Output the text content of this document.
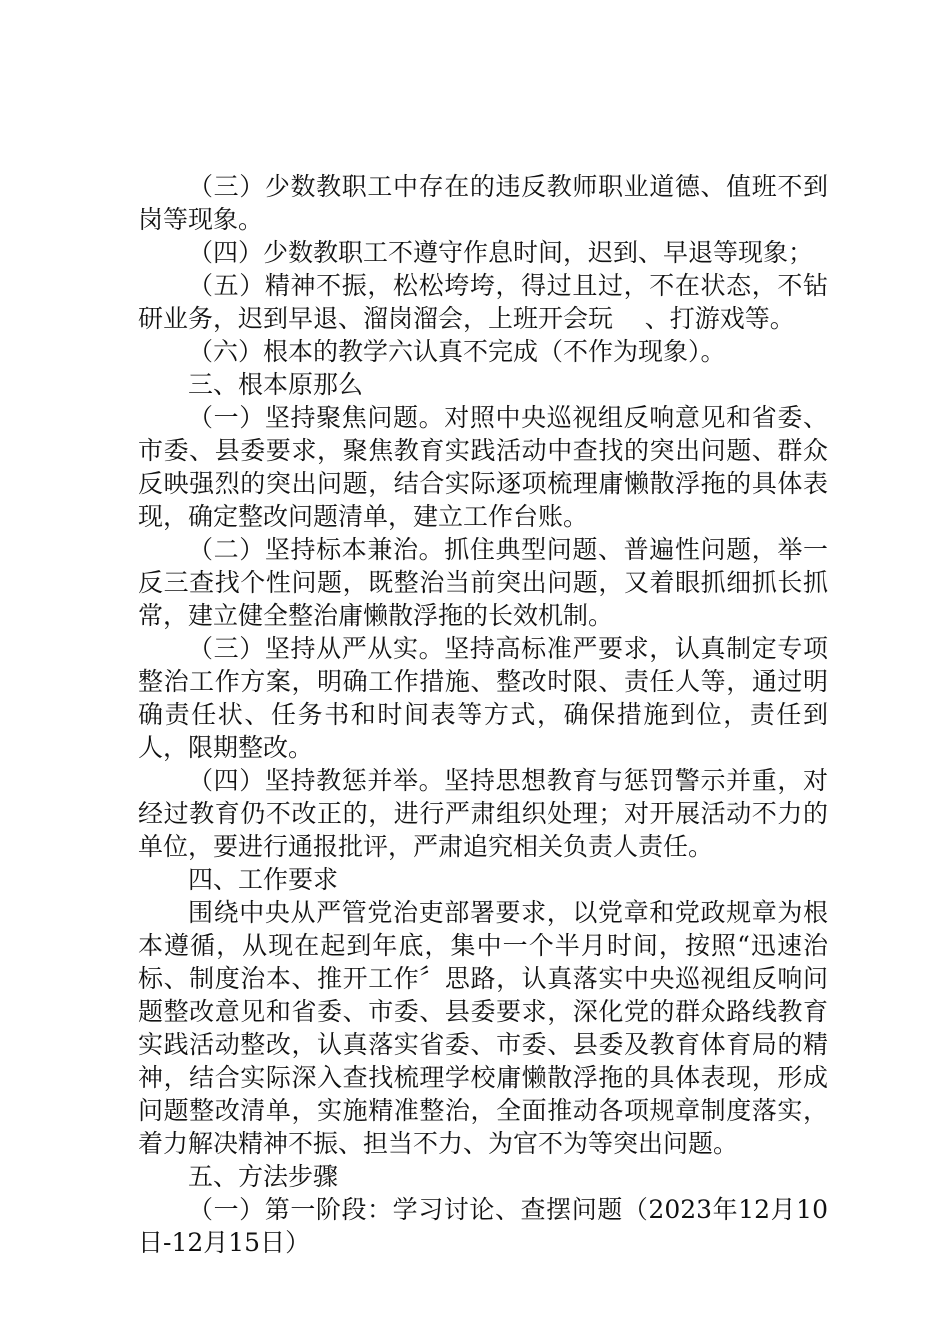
（三）少数教职工中存在的违反教师职业道德、值班不到岗等现象。

（四）少数教职工不遵守作息时间，迟到、早退等现象；

（五）精神不振，松松垮垮，得过且过，不在状态，不钻研业务，迟到早退、溜岗溜会，上班开会玩    、打游戏等。

（六）根本的教学六认真不完成（不作为现象）。

三、根本原那么

（一）坚持聚焦问题。对照中央巡视组反响意见和省委、市委、县委要求，聚焦教育实践活动中查找的突出问题、群众反映强烈的突出问题，结合实际逐项梳理庸懒散浮拖的具体表现，确定整改问题清单，建立工作台账。

（二）坚持标本兼治。抓住典型问题、普遍性问题，举一反三查找个性问题，既整治当前突出问题，又着眼抓细抓长抓常，建立健全整治庸懒散浮拖的长效机制。

（三）坚持从严从实。坚持高标准严要求，认真制定专项整治工作方案，明确工作措施、整改时限、责任人等，通过明确责任状、任务书和时间表等方式，确保措施到位，责任到人，限期整改。

（四）坚持教惩并举。坚持思想教育与惩罚警示并重，对经过教育仍不改正的，进行严肃组织处理；对开展活动不力的单位，要进行通报批评，严肃追究相关负责人责任。

四、工作要求

围绕中央从严管党治吏部署要求，以党章和党政规章为根本遵循，从现在起到年底，集中一个半月时间，按照“迅速治标、制度治本、推开工作〞思路，认真落实中央巡视组反响问题整改意见和省委、市委、县委要求，深化党的群众路线教育实践活动整改，认真落实省委、市委、县委及教育体育局的精神，结合实际深入查找梳理学校庸懒散浮拖的具体表现，形成问题整改清单，实施精准整治，全面推动各项规章制度落实，着力解决精神不振、担当不力、为官不为等突出问题。

五、方法步骤

（一）第一阶段：学习讨论、查摆问题（2023年12月10日-12月15日）
